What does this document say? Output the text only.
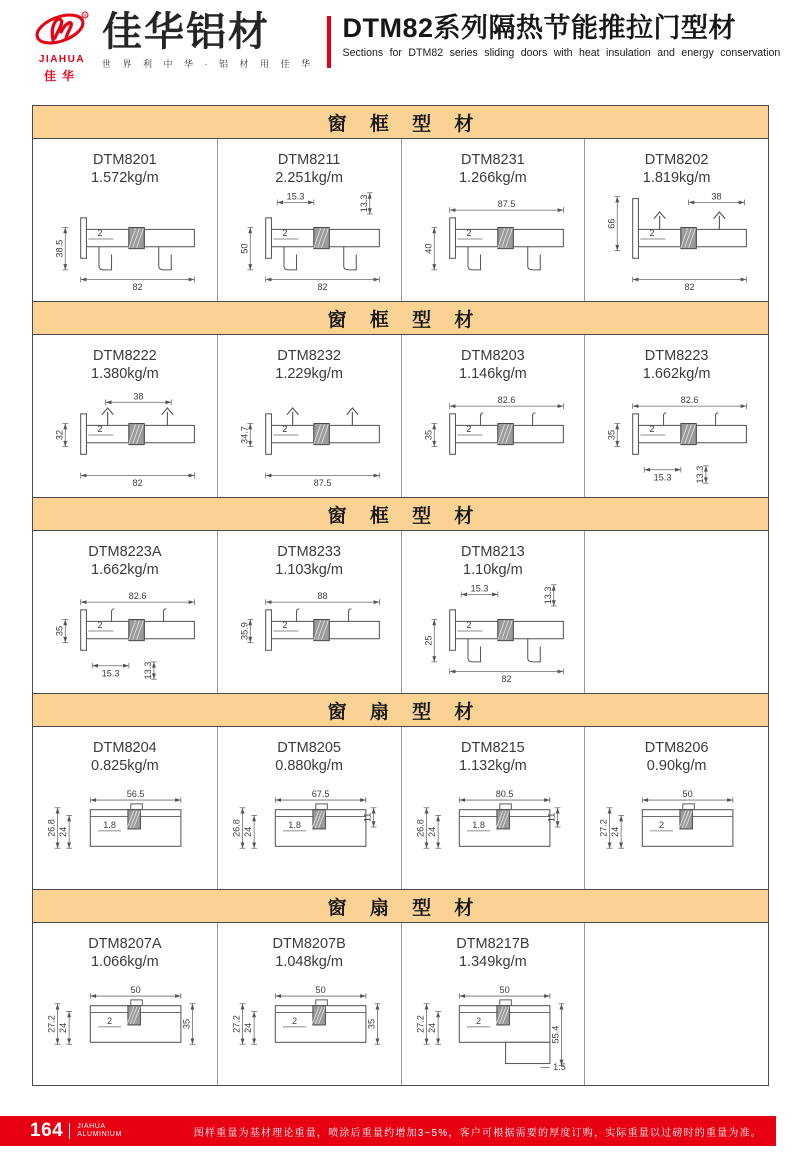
R
JIAHUA
佳华
佳华铝材
世 界 利 中 华 · 铝 材 用 佳 华
DTM82系列隔热节能推拉门型材
Sections for DTM82 series sliding doors with heat insulation and energy conservation
窗 框 型 材
DTM8201
1.572kg/m
38.5
2
82
DTM8211
2.251kg/m
15.3	13.3
2
50
82
DTM8231
1.266kg/m
87.5
2
40
DTM8202
1.819kg/m
38
66
2
82
窗 框 型 材
DTM8222
1.380kg/m
38
2
32
82
DTM8232
1.229kg/m
34.7	2
87.5
DTM8203
1.146kg/m
82.6
35
2
DTM8223
1.662kg/m
82.6
35
2
15.3 13.3
窗 框 型 材
DTM8223A
1.662kg/m
82.6
35
2
15.3 13.3
DTM8233
1.103kg/m
88
35.9	2
DTM8213
1.10kg/m
15.3	13.3
25
2
82
窗 扇 型 材
DTM8204
0.825kg/m
56.5
26.8 24
1.8
DTM8205
0.880kg/m
67.5
26.8 24
1.8
11
DTM8215
1.132kg/m
80.5
26.8 24
1.8
11
DTM8206
0.90kg/m
50
27.2 24
2
窗 扇 型 材
DTM8207A
1.066kg/m
50
27.2 24
2	35
DTM8207B
1.048kg/m
50
27.2 24
2	35
DTM8217B
1.349kg/m
50
27.2 24
2
55.4
1.5
164 JIAHUA
ALUMINIUM	图样重量为基材理论重量，喷涂后重量约增加3~5%，客户可根据需要的厚度订购，实际重量以过磅时的重量为准。
